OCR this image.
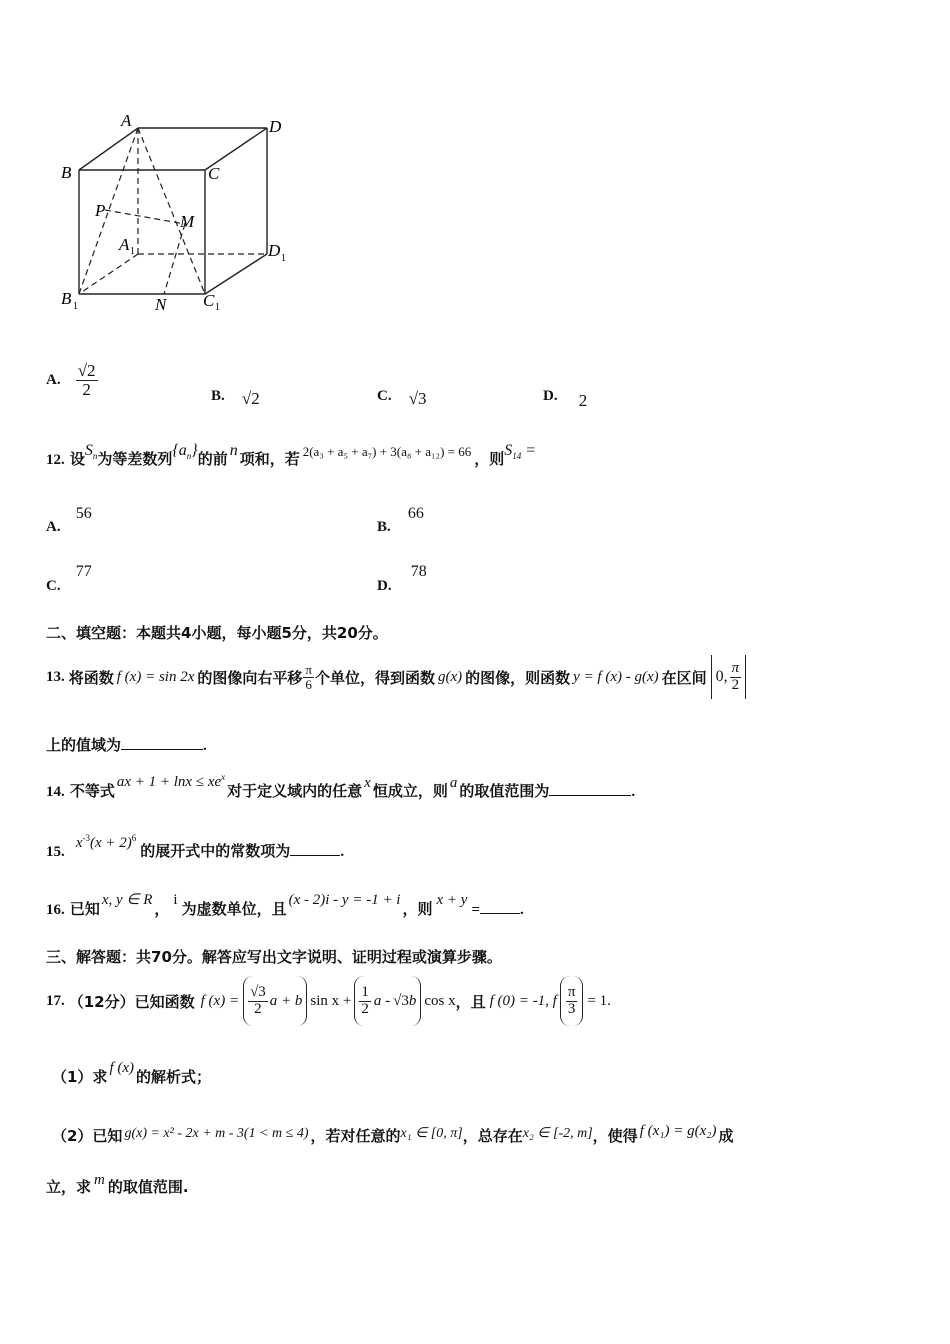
A	D
B	C
P
M
A 1	D 1
B 1	N C 1
A. $\frac{√2}{2}$	B. √2	C. √3	D. 2
12. 设$S_n$为等差数列$\{a_n\}$的前 n 项和，若 $^{2(a_3 + a_5 + a_7) + 3(a_8 + a_{12}) = 66}$ ，则$S_{14}$ =
A. 56
B. 66
C. 77
D. 78
二、填空题：本题共4小题，每小题5分，共20分。
13. 将函数 f (x) = sin 2x 的图像向右平移 $\frac{\pi}{6}$ 个单位，得到函数 g(x) 的图像，则函数 y = f (x) - g(x) 在区间 0, $\frac{\pi}{2}$
上的值域为	.
14. 不等式 ax + $1 + \ln x \le xe^x$对于定义域内的任意 x 恒成立，则 a 的取值范围为	.
15. $x^{-3}(x + 2)^6$的展开式中的常数项为	.
16. 已知 x, y ∈ R ， i 为虚数单位，且 (x - 2)i - y = -1 + i ，则 x + y=	.
三、解答题：共70分。解答应写出文字说明、证明过程或演算步骤。
17. （12分）已知函数 f $(x) = \frac{√3}{2}$ a + b $\sin x + \frac{1}{2}$ a - √3 b cos x ，且 f (0) = -1, f $\frac{\pi}{3} = 1$.
（1）求 f (x) 的解析式；
（2）已知 g(x) = x² - 2x + m - 3(1 < m ≤ 4) ，若对任意的x₁ ∈ [0, π]，总存在x₂ ∈ [-2, m]，使得 f (x₁) = g(x₂) 成
立，求 m 的取值范围.
